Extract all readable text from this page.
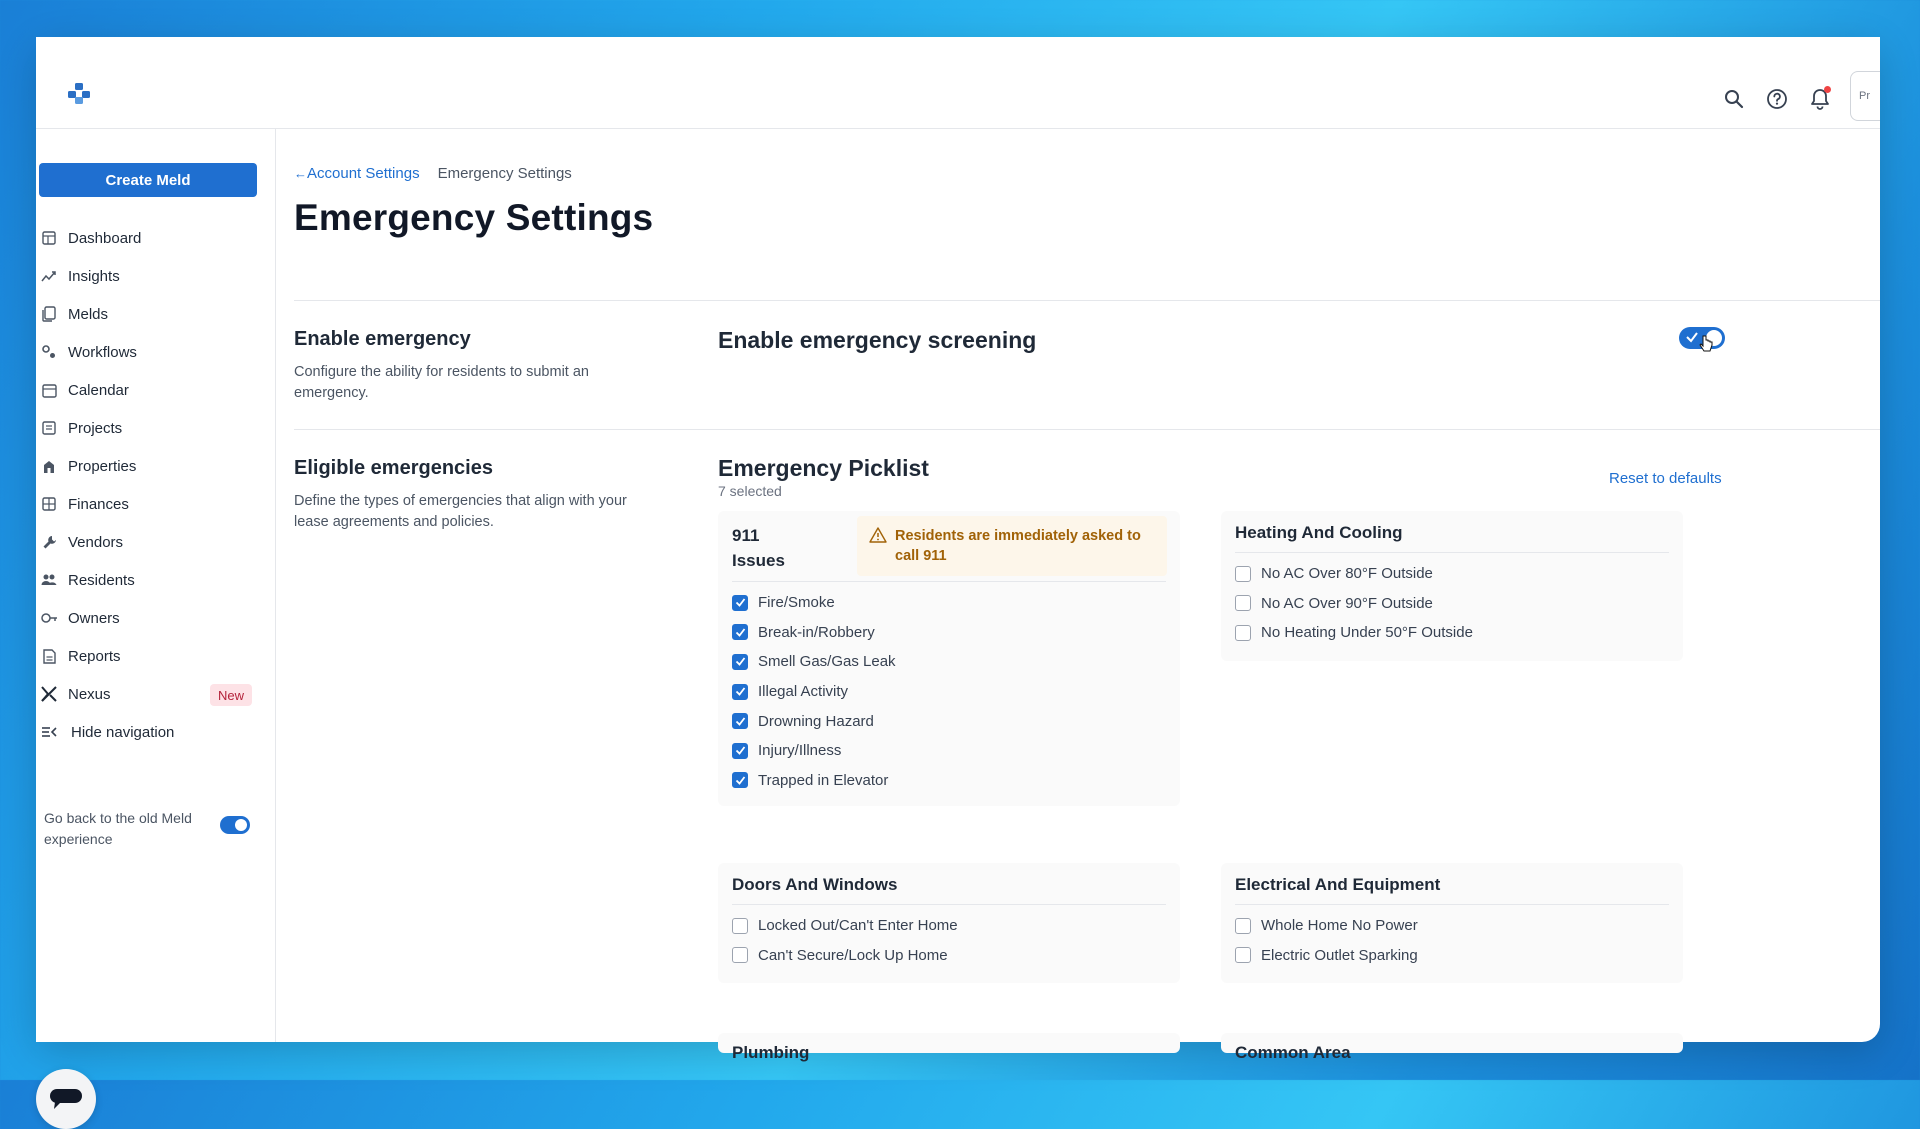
Pr
Create Meld
Dashboard
Insights
Melds
Workflows
Calendar
Projects
Properties
Finances
Vendors
Residents
Owners
Reports
Nexus	New
Hide navigation
Go back to the old Meld experience
←Account Settings Emergency Settings
Emergency Settings
Enable emergency
Configure the ability for residents to submit an emergency.
Enable emergency screening
Eligible emergencies
Define the types of emergencies that align with your lease agreements and policies.
Emergency Picklist
7 selected
Reset to defaults
911 Issues
Residents are immediately asked to call 911
Fire/Smoke
Break-in/Robbery
Smell Gas/Gas Leak
Illegal Activity
Drowning Hazard
Injury/Illness
Trapped in Elevator
Heating And Cooling
No AC Over 80°F Outside
No AC Over 90°F Outside
No Heating Under 50°F Outside
Doors And Windows
Locked Out/Can't Enter Home
Can't Secure/Lock Up Home
Electrical And Equipment
Whole Home No Power
Electric Outlet Sparking
Plumbing	Common Area
